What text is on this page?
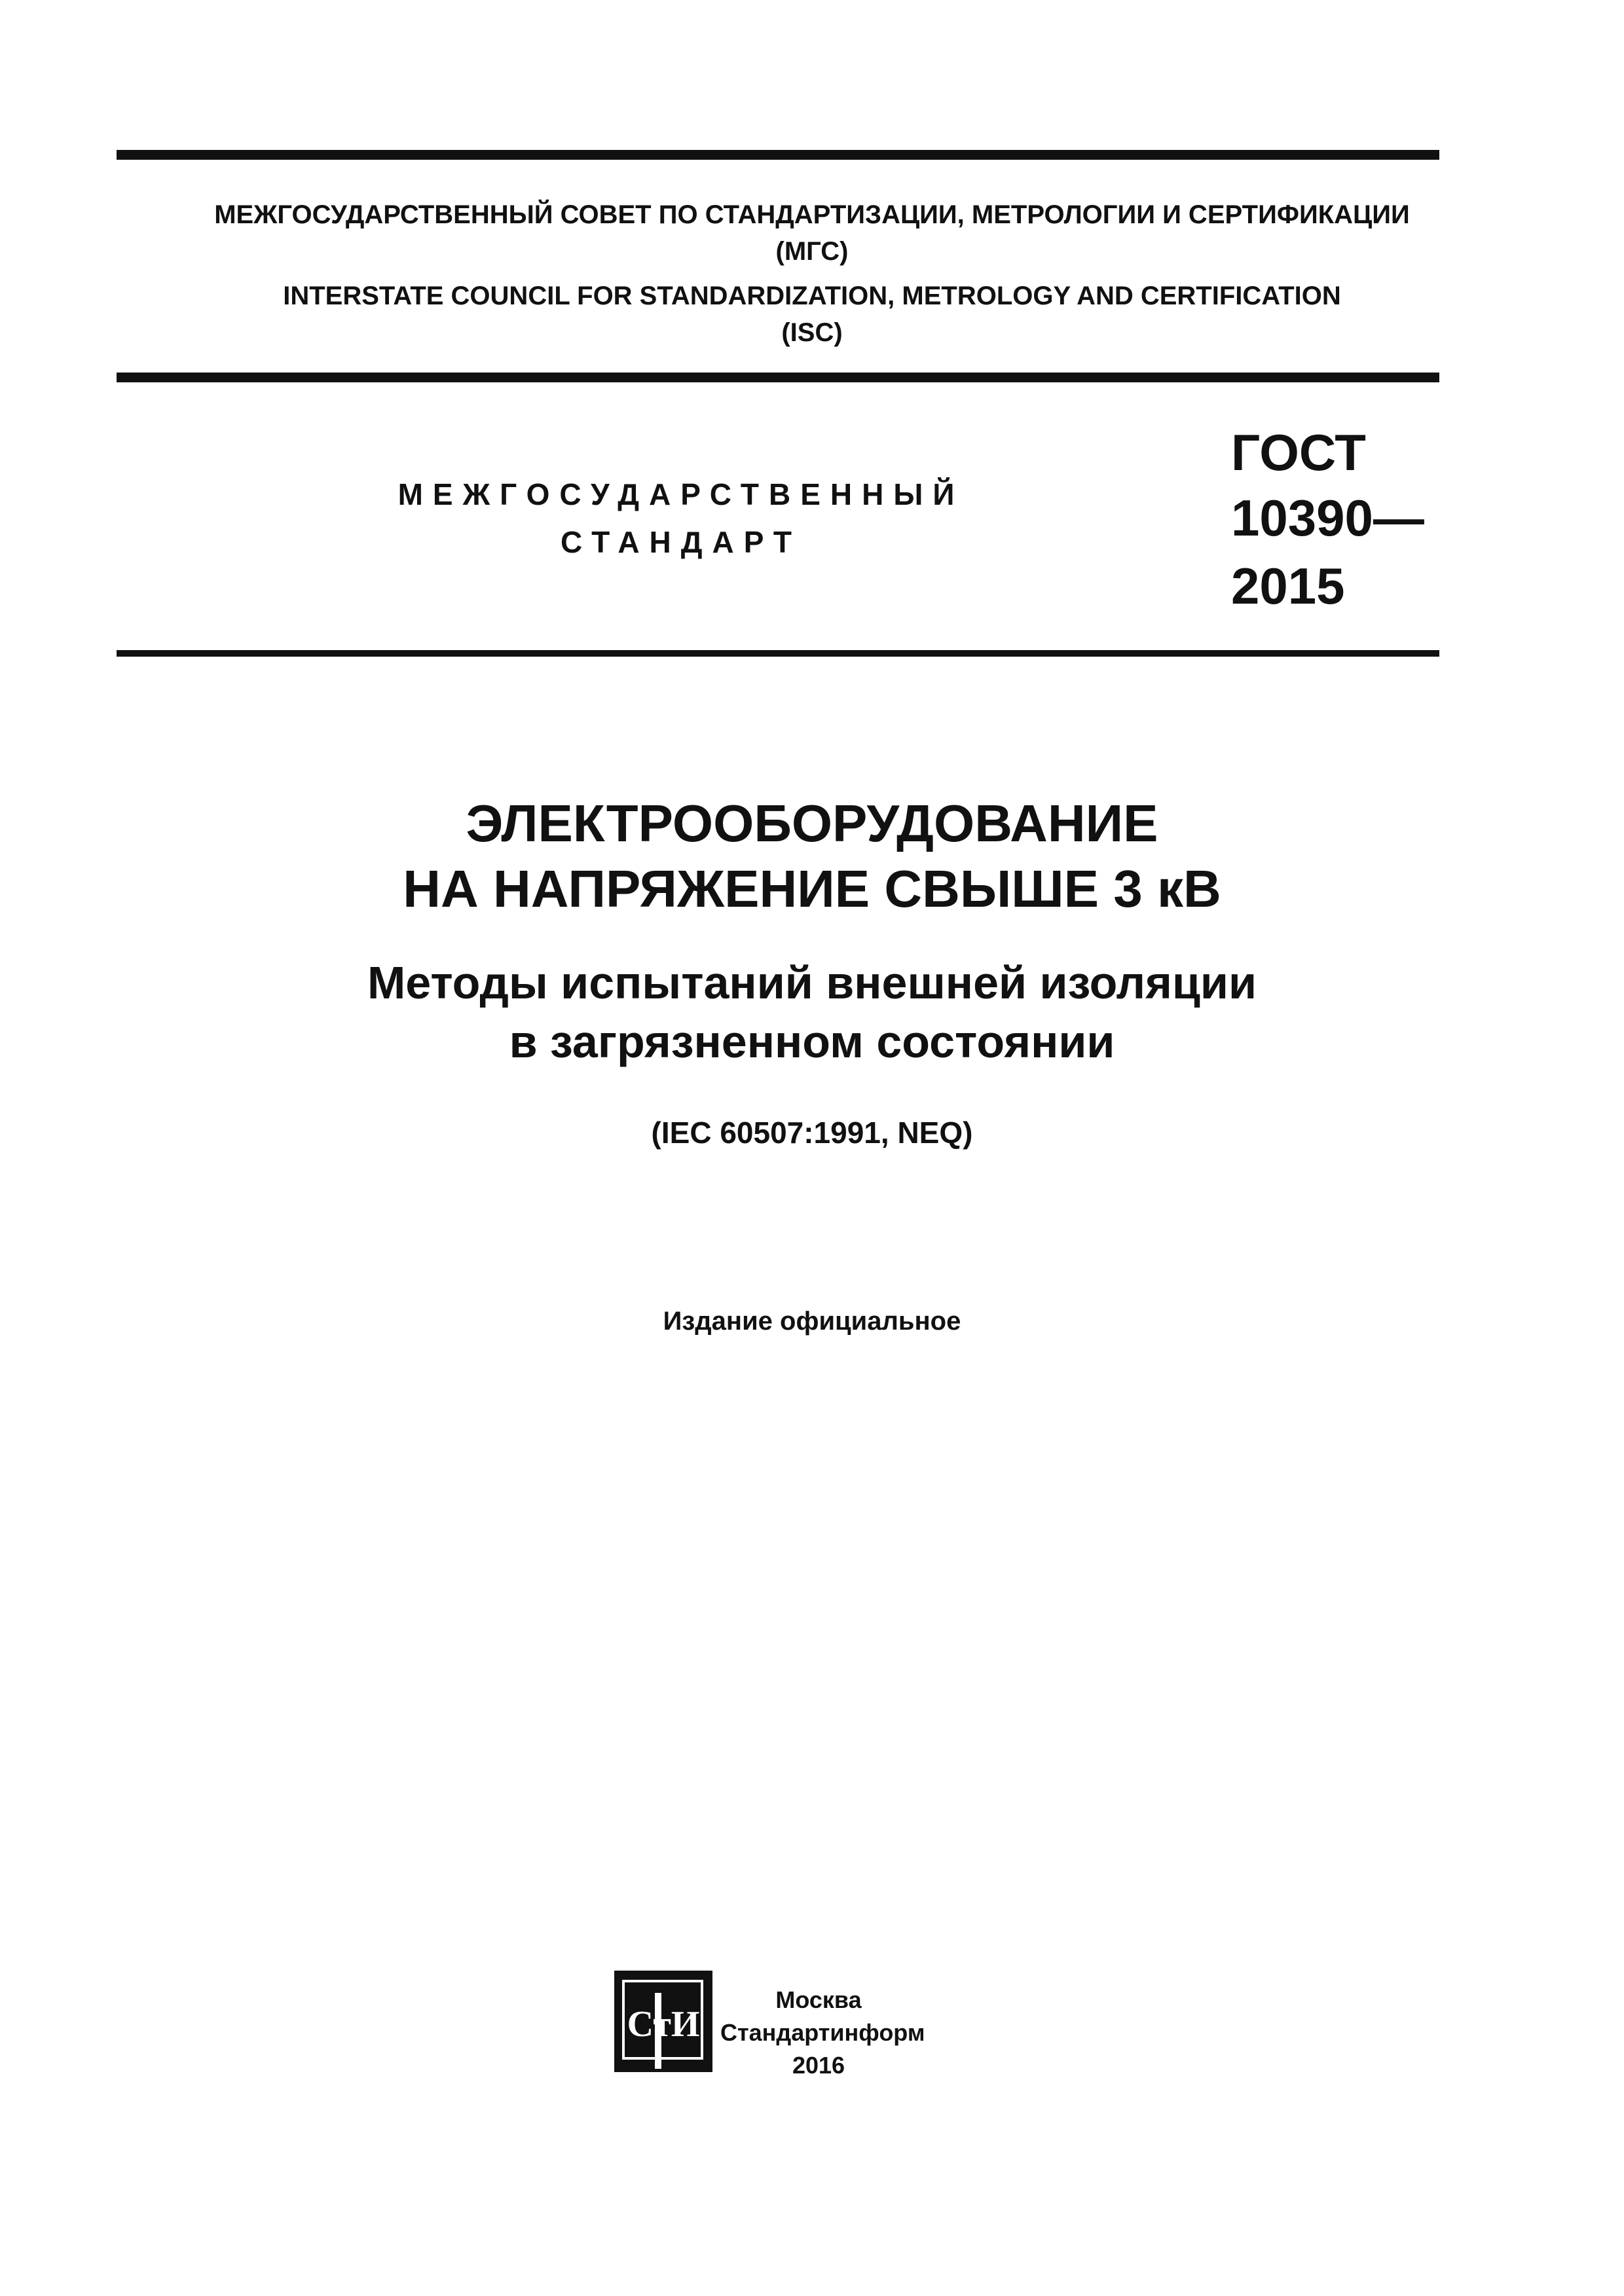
МЕЖГОСУДАРСТВЕННЫЙ СОВЕТ ПО СТАНДАРТИЗАЦИИ, МЕТРОЛОГИИ И СЕРТИФИКАЦИИ
(МГС)
INTERSTATE COUNCIL FOR STANDARDIZATION, METROLOGY AND CERTIFICATION
(ISC)
МЕЖГОСУДАРСТВЕННЫЙ
СТАНДАРТ
ГОСТ
10390—
2015
ЭЛЕКТРООБОРУДОВАНИЕ
НА НАПРЯЖЕНИЕ СВЫШЕ 3 кВ
Методы испытаний внешней изоляции
в загрязненном состоянии
(IEC 60507:1991, NEQ)
Издание официальное
СтИ
Москва
Стандартинформ
2016
